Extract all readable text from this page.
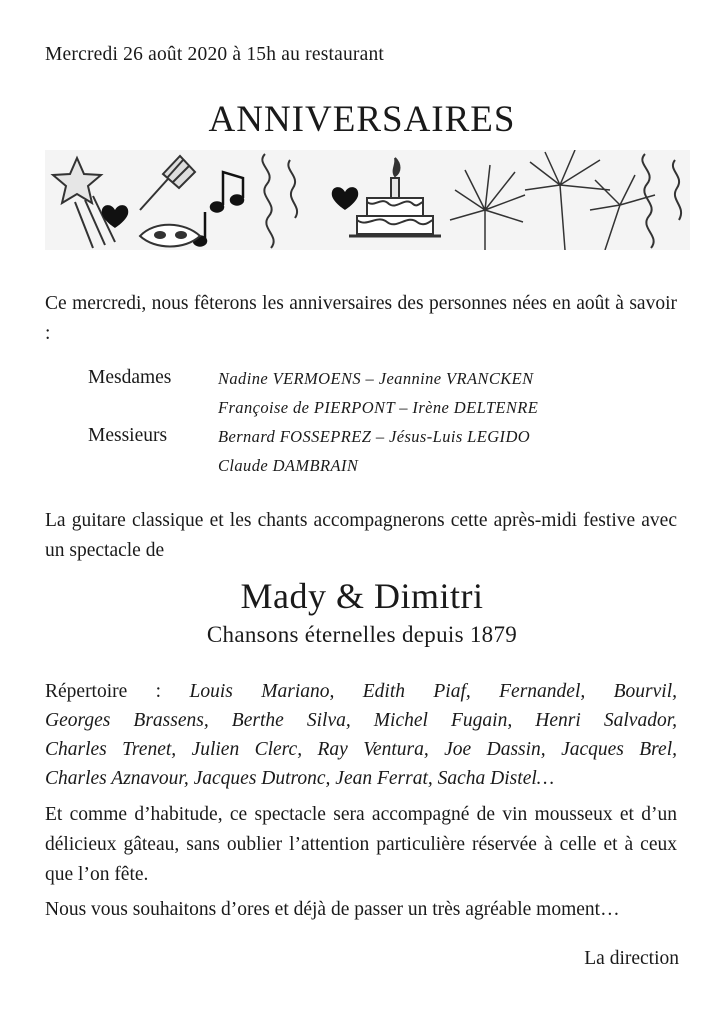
Mercredi 26 août 2020 à 15h au restaurant
ANNIVERSAIRES
Ce mercredi, nous fêterons les anniversaires des personnes nées en août à savoir :
Mesdames	Nadine VERMOENS – Jeannine VRANCKEN
Françoise de PIERPONT – Irène DELTENRE
Messieurs	Bernard FOSSEPREZ – Jésus-Luis LEGIDO
Claude DAMBRAIN
La guitare classique et les chants accompagnerons cette après-midi festive avec un spectacle de
Mady & Dimitri
Chansons éternelles depuis 1879
Répertoire : Louis Mariano, Edith Piaf, Fernandel, Bourvil,
Georges Brassens, Berthe Silva, Michel Fugain, Henri Salvador,
Charles Trenet, Julien Clerc, Ray Ventura, Joe Dassin, Jacques Brel,
Charles Aznavour, Jacques Dutronc, Jean Ferrat, Sacha Distel…
Et comme d’habitude, ce spectacle sera accompagné de vin mousseux et d’un délicieux gâteau, sans oublier l’attention particulière réservée à celle et à ceux que l’on fête.
Nous vous souhaitons d’ores et déjà de passer un très agréable moment…
La direction
